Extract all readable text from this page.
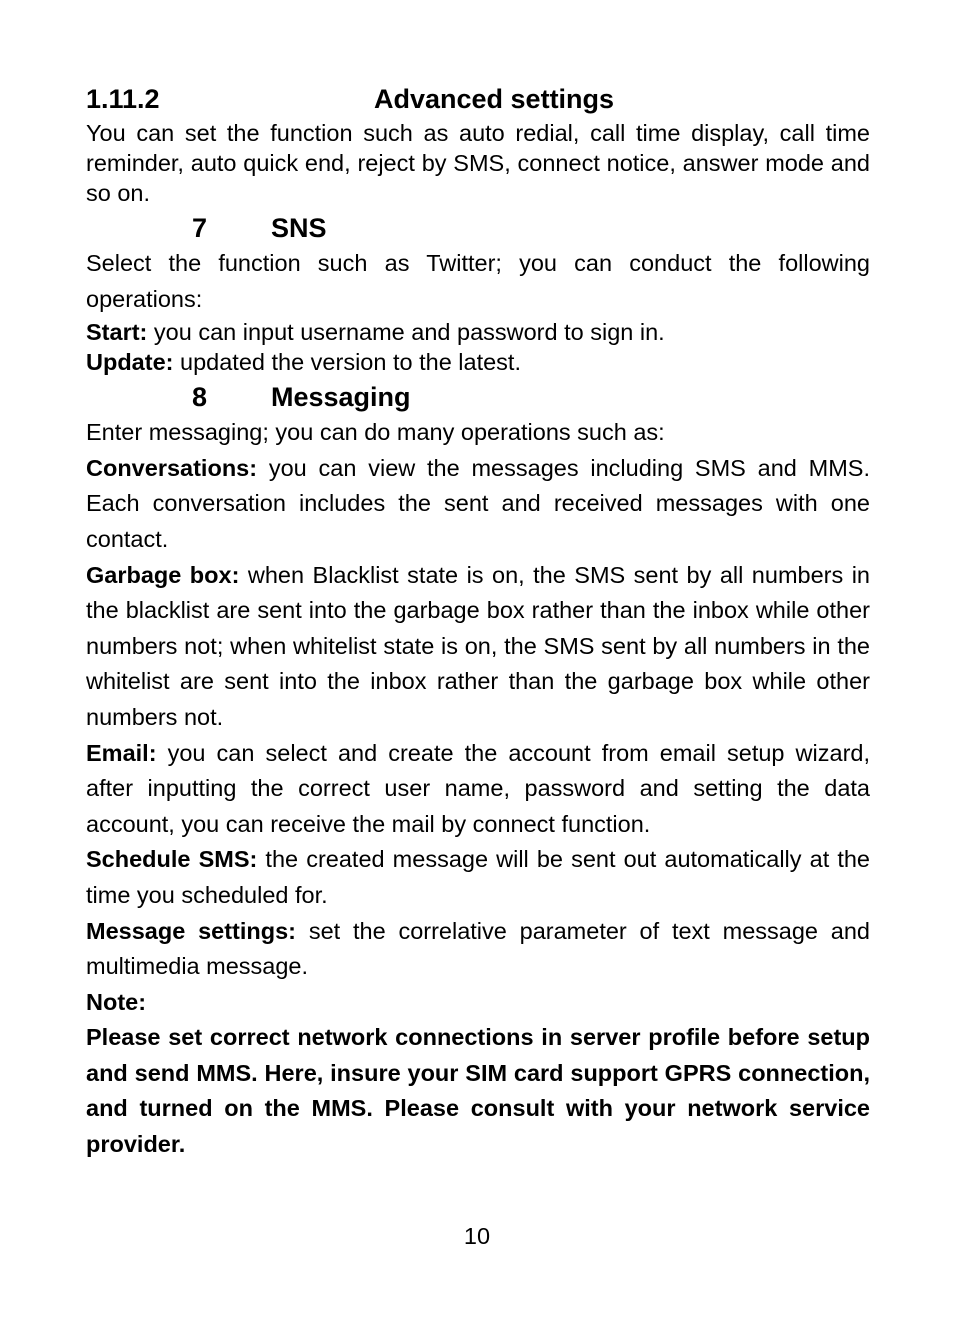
1.11.2	Advanced settings

You can set the function such as auto redial, call time display, call time reminder, auto quick end, reject by SMS, connect notice, answer mode and so on.

7 SNS

Select the function such as Twitter; you can conduct the following operations:

Start: you can input username and password to sign in.

Update: updated the version to the latest.

8 Messaging

Enter messaging; you can do many operations such as:

Conversations: you can view the messages including SMS and MMS. Each conversation includes the sent and received messages with one contact.

Garbage box: when Blacklist state is on, the SMS sent by all numbers in the blacklist are sent into the garbage box rather than the inbox while other numbers not; when whitelist state is on, the SMS sent by all numbers in the whitelist are sent into the inbox rather than the garbage box while other numbers not.

Email: you can select and create the account from email setup wizard, after inputting the correct user name, password and setting the data account, you can receive the mail by connect function.

Schedule SMS: the created message will be sent out automatically at the time you scheduled for.

Message settings: set the correlative parameter of text message and multimedia message.

Note:

Please set correct network connections in server profile before setup and send MMS. Here, insure your SIM card support GPRS connection, and turned on the MMS. Please consult with your network service provider.

10
